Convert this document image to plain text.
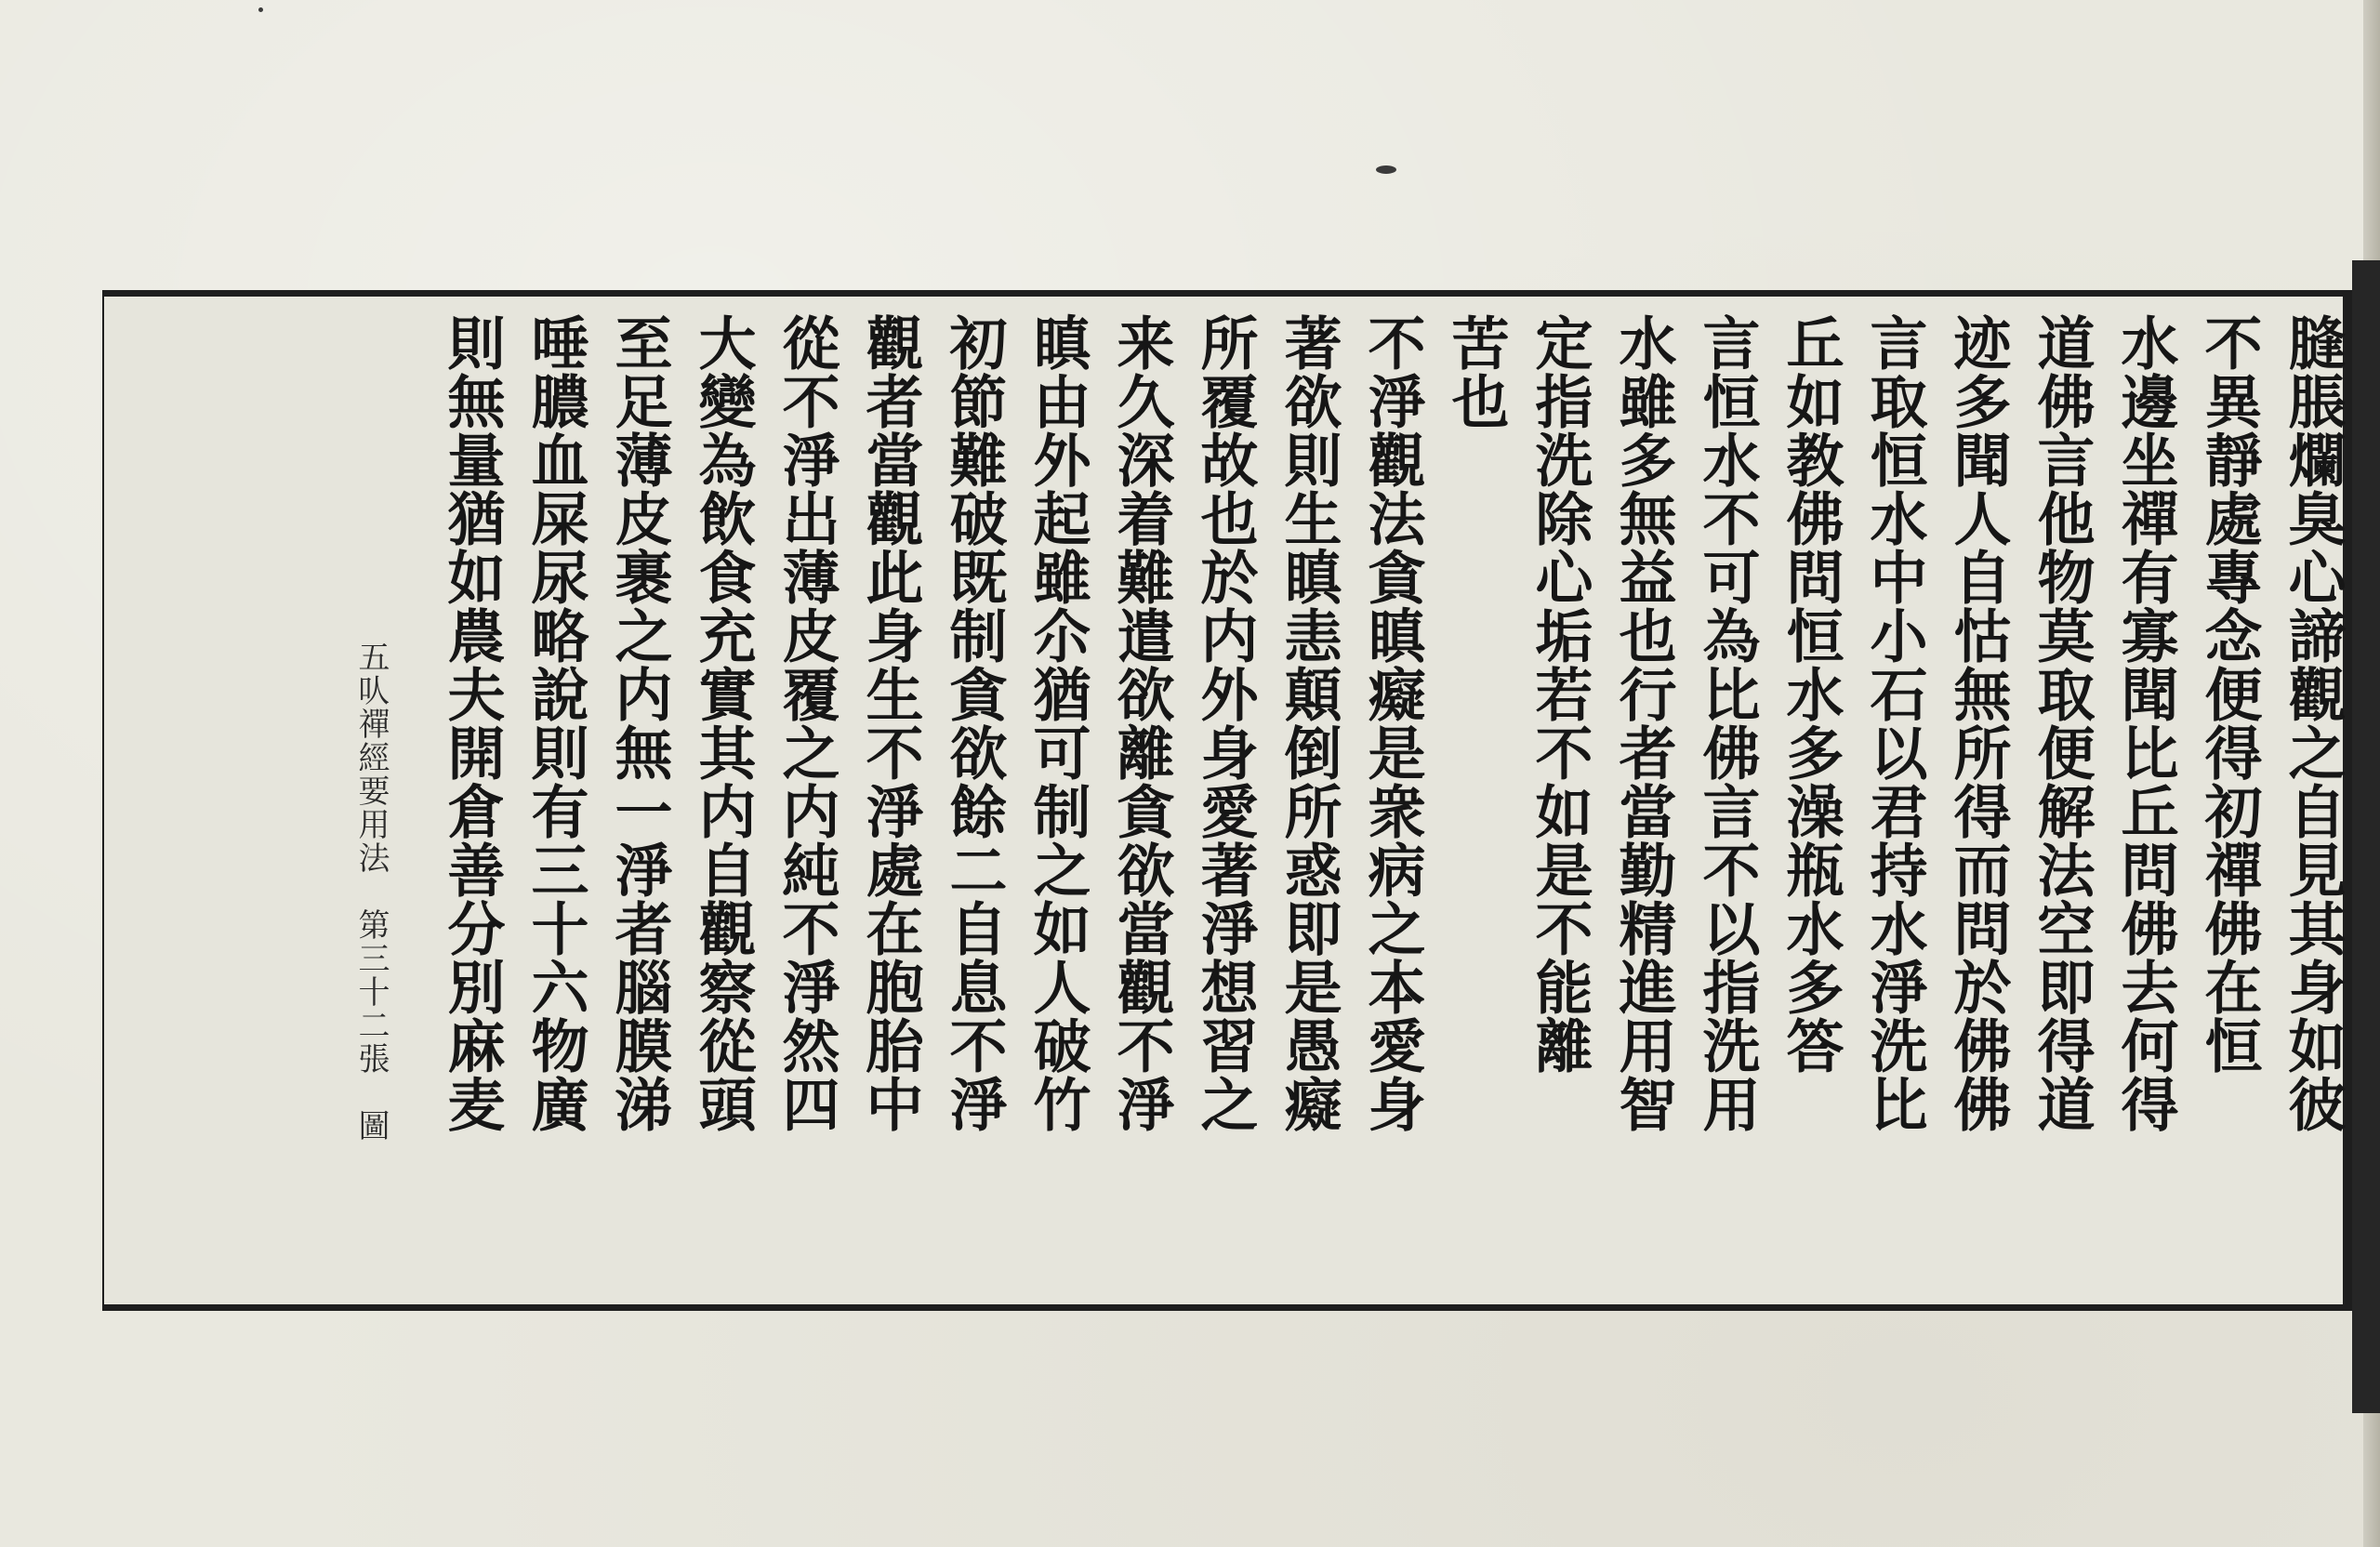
膖脹爛臭心諦觀之自見其身如彼
不異靜處專念便得初禪佛在恒
水邊坐禪有寡聞比丘問佛去何得
道佛言他物莫取便解法空即得道
迹多聞人自怙無所得而問於佛佛
言取恒水中小石以君持水淨洗比
丘如教佛問恒水多澡瓶水多答
言恒水不可為比佛言不以指洗用
水雖多無益也行者當勤精進用智
定指洗除心垢若不如是不能離
苦也
不淨觀法貪瞋癡是衆病之本愛身
著欲則生瞋恚顛倒所惑即是愚癡
所覆故也於内外身愛著淨想習之
来久深着難遣欲離貪欲當觀不淨
瞋由外起雖尒猶可制之如人破竹
初節難破既制貪欲餘二自息不淨
觀者當觀此身生不淨處在胞胎中
從不淨出薄皮覆之内純不淨然四
大變為飲食充實其内自觀察從頭
至足薄皮裹之内無一淨者腦膜涕
唾膿血屎尿略說則有三十六物廣
則無量猶如農夫開倉善分別麻麦
五㕥禪經要用法　第三十二張　圖
